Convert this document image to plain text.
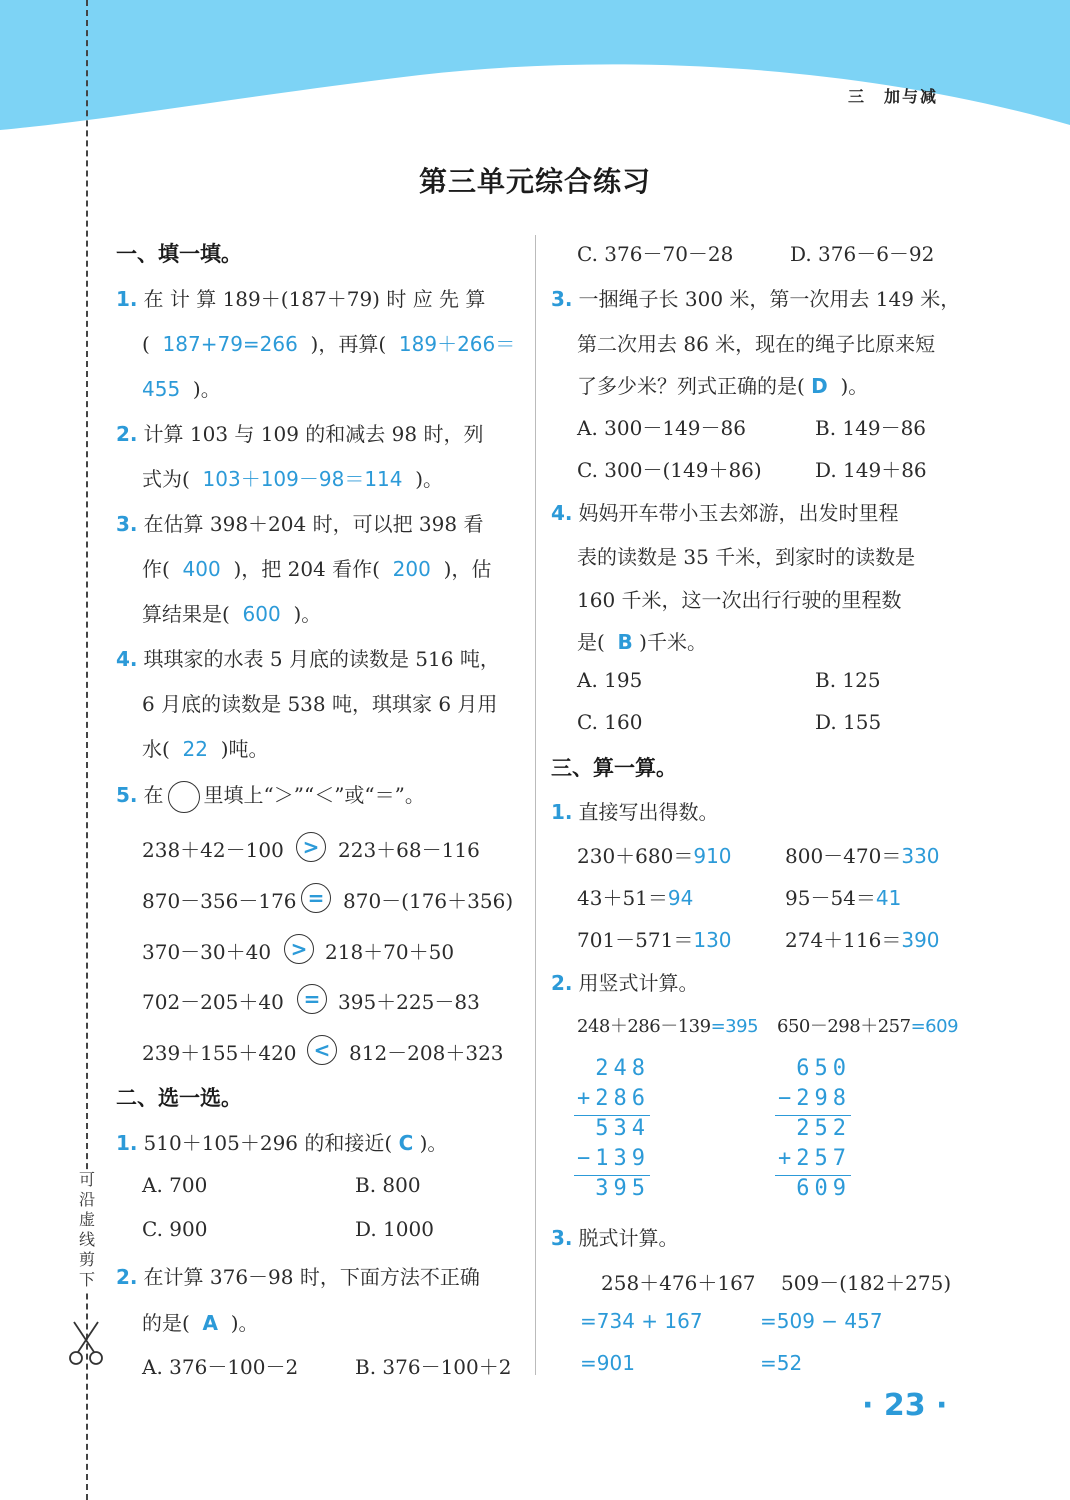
三　加与减
可沿虚线剪下
第三单元综合练习
一、填一填。
1. 在 计 算 189＋(187＋79) 时 应 先 算
(  187+79=266  )，再算( 189＋266＝
455 )。
2. 计算 103 与 109 的和减去 98 时，列
式为( 103＋109－98＝114 )。
3. 在估算 398＋204 时，可以把 398 看
作( 400 )，把 204 看作( 200 )，估
算结果是( 600 )。
4. 琪琪家的水表 5 月底的读数是 516 吨，
6 月底的读数是 538 吨，琪琪家 6 月用
水( 22 )吨。
5. 在 里填上“＞”“＜”或“＝”。
238＋42－100 > 223＋68－116
870－356－176 = 870－(176＋356)
370－30＋40 > 218＋70＋50
702－205＋40 = 395＋225－83
239＋155＋420 < 812－208＋323
二、选一选。
1. 510＋105＋296 的和接近( C )。
A. 700	B. 800
C. 900	D. 1000
2. 在计算 376－98 时，下面方法不正确
的是( A )。
A. 376－100－2	B. 376－100＋2
C. 376－70－28	D. 376－6－92
3. 一捆绳子长 300 米，第一次用去 149 米，
第二次用去 86 米，现在的绳子比原来短
了多少米？列式正确的是( D )。
A. 300－149－86	B. 149－86
C. 300－(149＋86)	D. 149＋86
4. 妈妈开车带小玉去郊游，出发时里程
表的读数是 35 千米，到家时的读数是
160 千米，这一次出行行驶的里程数
是( B )千米。
A. 195	B. 125
C. 160	D. 155
三、算一算。
1. 直接写出得数。
230＋680＝910	800－470＝330
43＋51＝94	95－54＝41
701－571＝130	274＋116＝390
2. 用竖式计算。
248＋286－139=395 650－298＋257=609
248
+286
534
−139
395
650
−298
252
+257
609
3. 脱式计算。
258＋476＋167 509－(182＋275)
=734 + 167	=509 − 457
=901	=52
· 23 ·
